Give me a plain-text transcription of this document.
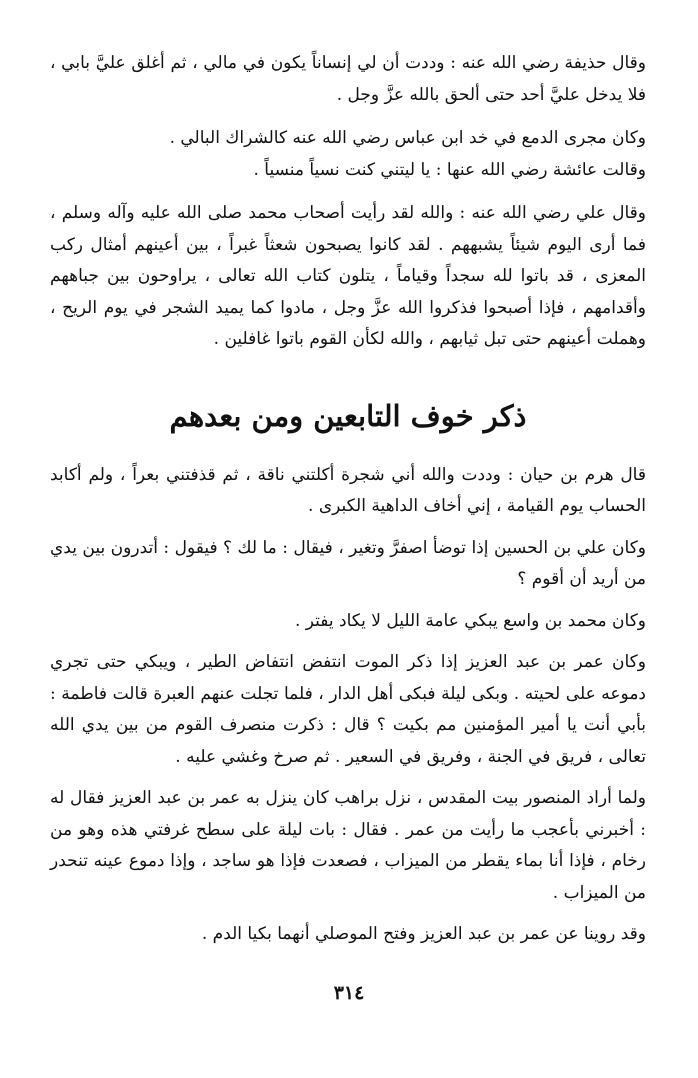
وقال حذيفة رضي الله عنه : وددت أن لي إنساناً يكون في مالي ، ثم أغلق عليَّ بابي ، فلا يدخل عليَّ أحد حتى ألحق بالله عزَّ وجل .

وكان مجرى الدمع في خد ابن عباس رضي الله عنه كالشراك البالي .

وقالت عائشة رضي الله عنها : يا ليتني كنت نسياً منسياً .

وقال علي رضي الله عنه : والله لقد رأيت أصحاب محمد صلى الله عليه وآله وسلم ، فما أرى اليوم شيئاً يشبههم . لقد كانوا يصبحون شعثاً غبراً ، بين أعينهم أمثال ركب المعزى ، قد باتوا لله سجداً وقياماً ، يتلون كتاب الله تعالى ، يراوحون بين جباههم وأقدامهم ، فإذا أصبحوا فذكروا الله عزَّ وجل ، مادوا كما يميد الشجر في يوم الريح ، وهملت أعينهم حتى تبل ثيابهم ، والله لكأن القوم باتوا غافلين .

ذكر خوف التابعين ومن بعدهم

قال هرم بن حيان : وددت والله أني شجرة أكلتني ناقة ، ثم قذفتني بعراً ، ولم أكابد الحساب يوم القيامة ، إني أخاف الداهية الكبرى .

وكان علي بن الحسين إذا توضأ اصفرَّ وتغير ، فيقال : ما لك ؟ فيقول : أتدرون بين يدي من أريد أن أقوم ؟

وكان محمد بن واسع يبكي عامة الليل لا يكاد يفتر .

وكان عمر بن عبد العزيز إذا ذكر الموت انتفض انتفاض الطير ، ويبكي حتى تجري دموعه على لحيته . وبكى ليلة فبكى أهل الدار ، فلما تجلت عنهم العبرة قالت فاطمة : بأبي أنت يا أمير المؤمنين مم بكيت ؟ قال : ذكرت منصرف القوم من بين يدي الله تعالى ، فريق في الجنة ، وفريق في السعير . ثم صرخ وغشي عليه .

ولما أراد المنصور بيت المقدس ، نزل براهب كان ينزل به عمر بن عبد العزيز فقال له : أخبرني بأعجب ما رأيت من عمر . فقال : بات ليلة على سطح غرفتي هذه وهو من رخام ، فإذا أنا بماء يقطر من الميزاب ، فصعدت فإذا هو ساجد ، وإذا دموع عينه تنحدر من الميزاب .

وقد روينا عن عمر بن عبد العزيز وفتح الموصلي أنهما بكيا الدم .

٣١٤
